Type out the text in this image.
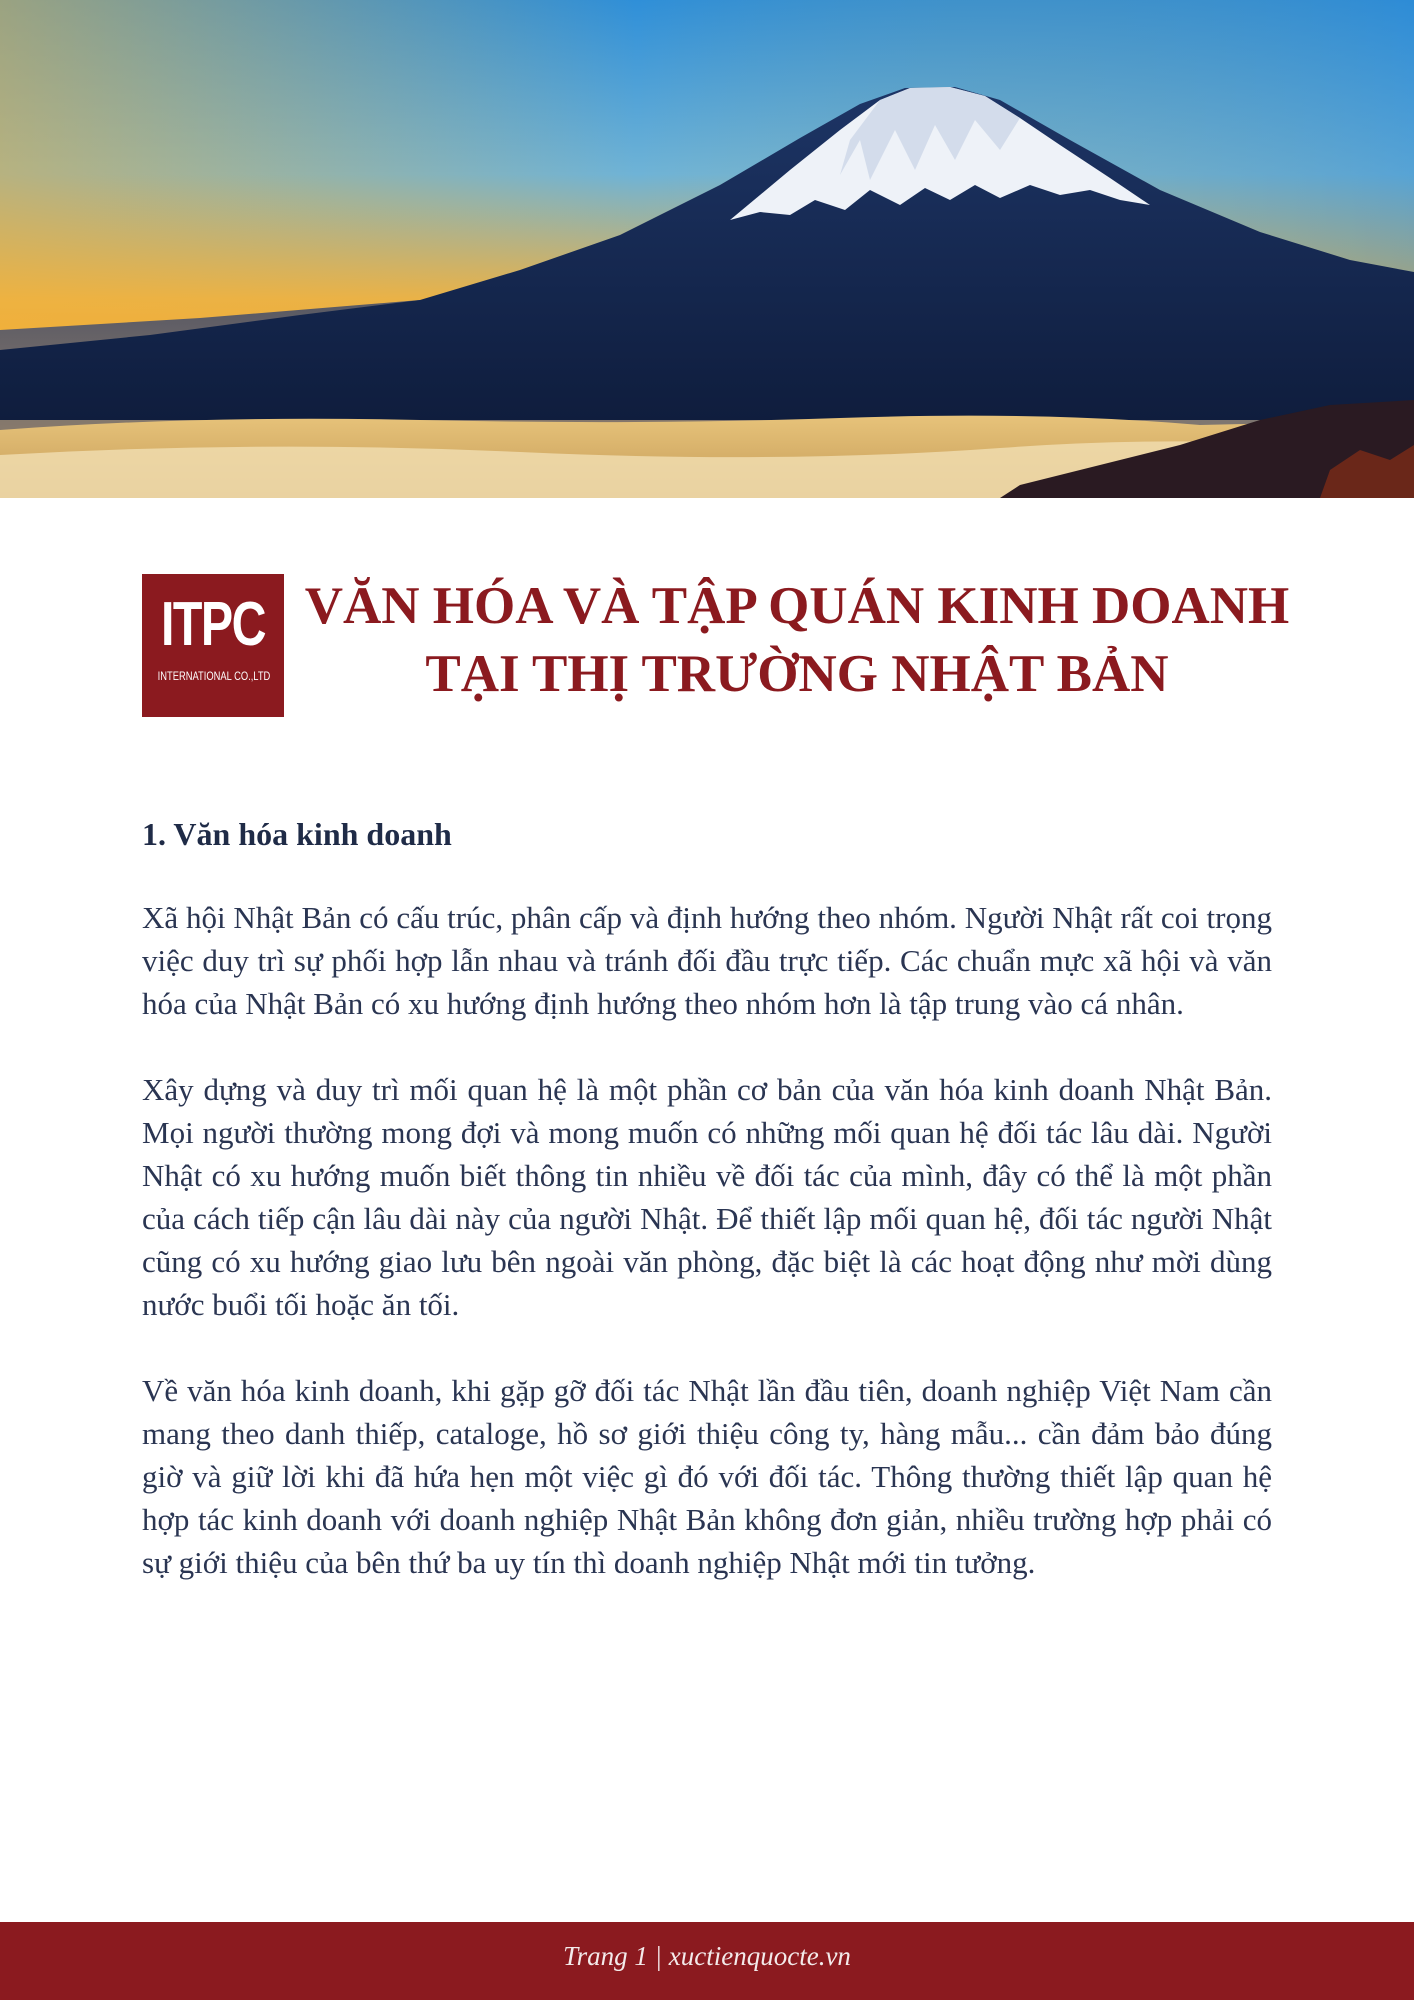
ITPC
INTERNATIONAL CO.,LTD
VĂN HÓA VÀ TẬP QUÁN KINH DOANH
TẠI THỊ TRƯỜNG NHẬT BẢN
1. Văn hóa kinh doanh

Xã hội Nhật Bản có cấu trúc, phân cấp và định hướng theo nhóm. Người Nhật rất coi trọng việc duy trì sự phối hợp lẫn nhau và tránh đối đầu trực tiếp. Các chuẩn mực xã hội và văn hóa của Nhật Bản có xu hướng định hướng theo nhóm hơn là tập trung vào cá nhân.

Xây dựng và duy trì mối quan hệ là một phần cơ bản của văn hóa kinh doanh Nhật Bản. Mọi người thường mong đợi và mong muốn có những mối quan hệ đối tác lâu dài. Người Nhật có xu hướng muốn biết thông tin nhiều về đối tác của mình, đây có thể là một phần của cách tiếp cận lâu dài này của người Nhật. Để thiết lập mối quan hệ, đối tác người Nhật cũng có xu hướng giao lưu bên ngoài văn phòng, đặc biệt là các hoạt động như mời dùng nước buổi tối hoặc ăn tối.

Về văn hóa kinh doanh, khi gặp gỡ đối tác Nhật lần đầu tiên, doanh nghiệp Việt Nam cần mang theo danh thiếp, cataloge, hồ sơ giới thiệu công ty, hàng mẫu... cần đảm bảo đúng giờ và giữ lời khi đã hứa hẹn một việc gì đó với đối tác. Thông thường thiết lập quan hệ hợp tác kinh doanh với doanh nghiệp Nhật Bản không đơn giản, nhiều trường hợp phải có sự giới thiệu của bên thứ ba uy tín thì doanh nghiệp Nhật mới tin tưởng.

Trang 1 | xuctienquocte.vn
